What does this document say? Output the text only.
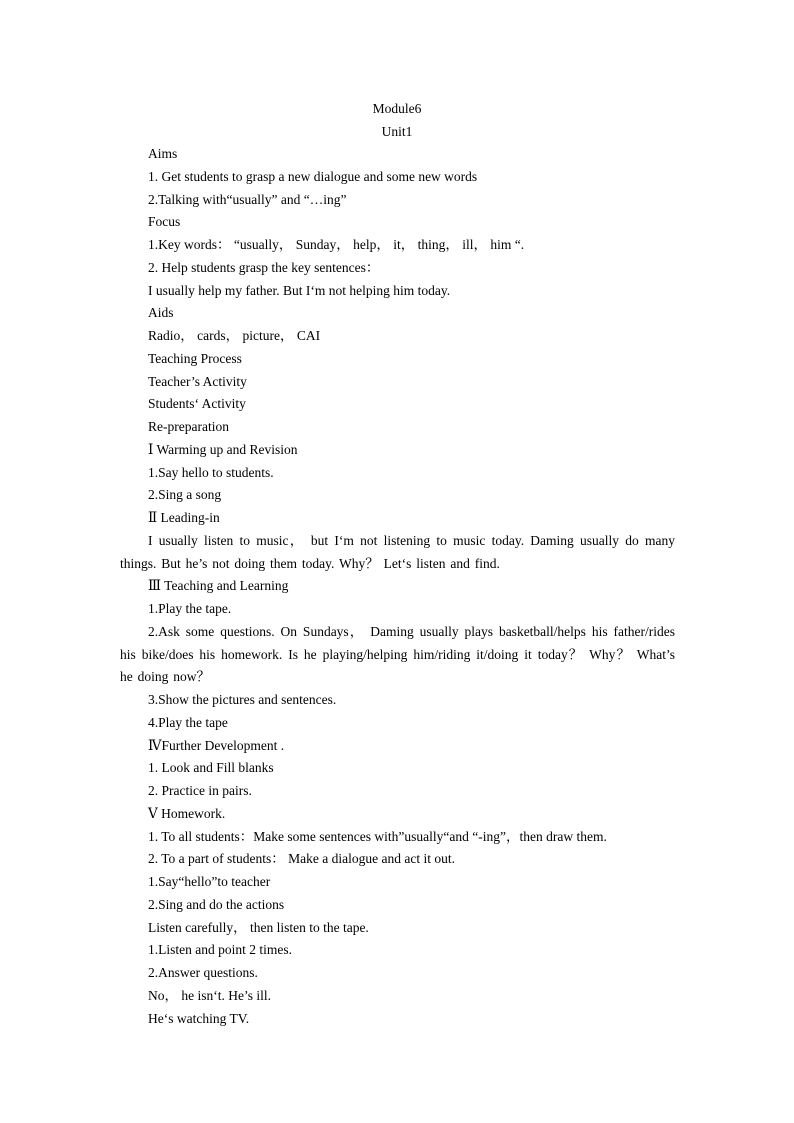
Module6
Unit1
Aims
1. Get students to grasp a new dialogue and some new words
2.Talking with“usually” and “…ing”
Focus
1.Key words： “usually， Sunday， help， it， thing， ill， him “.
2. Help students grasp the key sentences：
I usually help my father. But I‘m not helping him today.
Aids
Radio， cards， picture， CAI
Teaching Process
Teacher’s Activity
Students‘ Activity
Re-preparation
Ⅰ Warming up and Revision
1.Say hello to students.
2.Sing a song
Ⅱ Leading-in

I usually listen to music， but I‘m not listening to music today. Daming usually do many things. But he’s not doing them today. Why？ Let‘s listen and find.

Ⅲ Teaching and Learning
1.Play the tape.

2.Ask some questions. On Sundays， Daming usually plays basketball/helps his father/rides his bike/does his homework. Is he playing/helping him/riding it/doing it today？ Why？ What’s he doing now？

3.Show the pictures and sentences.
4.Play the tape
ⅣFurther Development .
1. Look and Fill blanks
2. Practice in pairs.
Ⅴ Homework.
1. To all students：Make some sentences with”usually“and “-ing”，then draw them.
2. To a part of students： Make a dialogue and act it out.
1.Say“hello”to teacher
2.Sing and do the actions
Listen carefully， then listen to the tape.
1.Listen and point 2 times.
2.Answer questions.
No， he isn‘t. He’s ill.
He‘s watching TV.
